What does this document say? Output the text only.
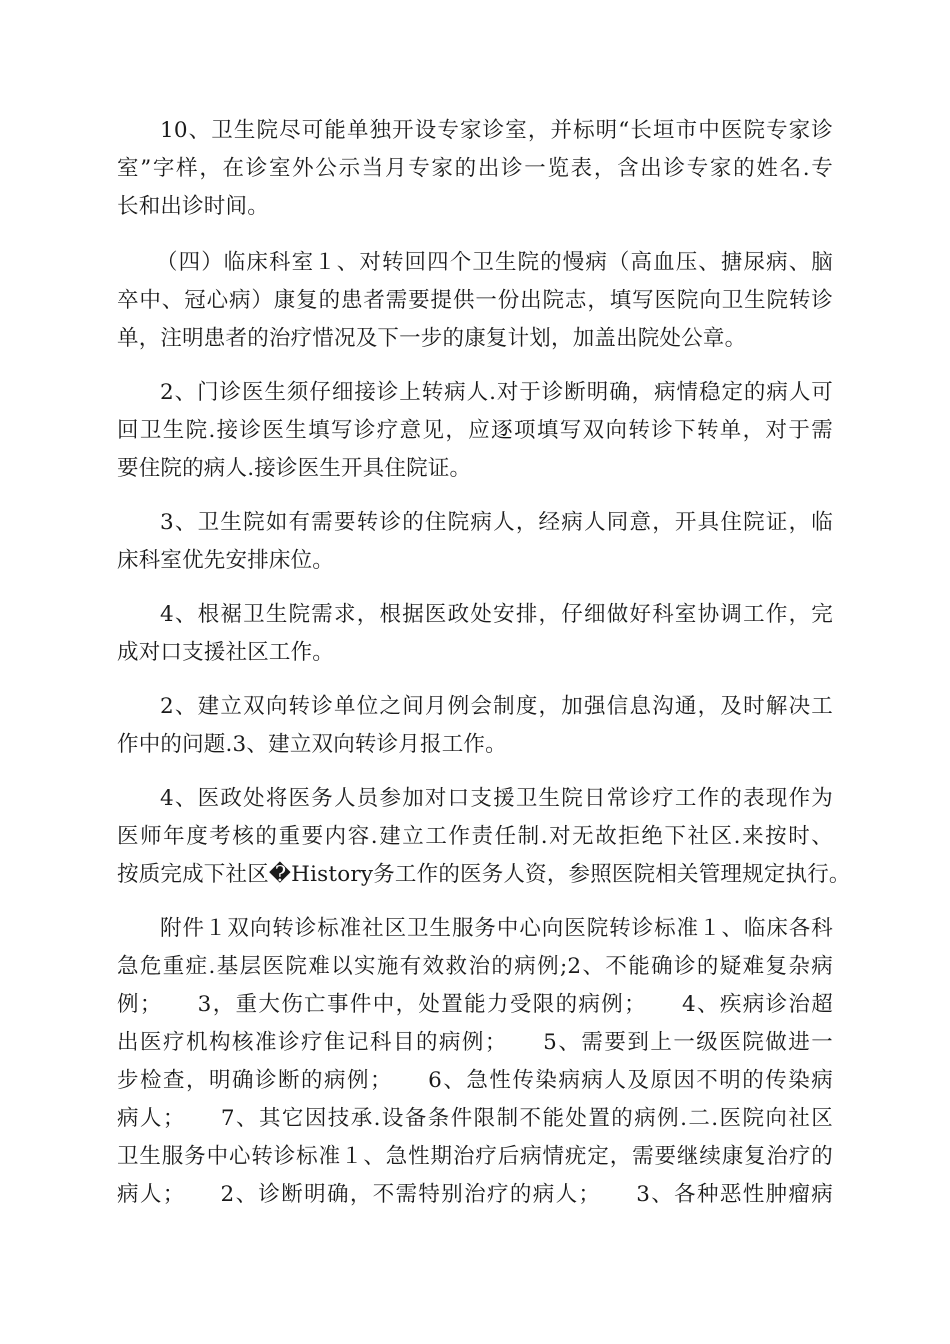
10、卫生院尽可能单独开设专家诊室，并标明“长垣市中医院专家诊
室”字样，在诊室外公示当月专家的出诊一览表，含出诊专家的姓名.专
长和出诊时间。
（四）临床科室１、对转回四个卫生院的慢病（高血压、搪尿病、脑
卒中、冠心病）康复的患者需要提供一份出院志，填写医院向卫生院转诊
单，注明患者的治疗惜况及下一步的康复计划，加盖出院处公章。
2、门诊医生须仔细接诊上转病人.对于诊断明确，病情稳定的病人可
回卫生院.接诊医生填写诊疗意见，应逐项填写双向转诊下转单，对于需
要住院的病人.接诊医生开具住院证。
3、卫生院如有需要转诊的住院病人，经病人同意，开具住院证，临
床科室优先安排床位。
4、根裾卫生院需求，根据医政处安排，仔细做好科室协调工作，完
成对口支援社区工作。
2、建立双向转诊单位之间月例会制度，加强信息沟通，及时解决工
作中的问题.3、建立双向转诊月报工作。
4、医政处将医务人员参加对口支援卫生院日常诊疗工作的表现作为
医师年度考核的重要内容.建立工作责任制.对无故拒绝下社区.来按时、
按质完成下社区�History务工作的医务人资，参照医院相关管理规定执行。
附件１双向转诊标准社区卫生服务中心向医院转诊标准１、临床各科
急危重症.基层医院难以实施有效救治的病例;2、不能确诊的疑难复杂病
例；　　3，重大伤亡事件中，处置能力受限的病例；　　4、疾病诊治超
出医疗机构核准诊疗隹记科目的病例；　　5、需要到上一级医院做进一
步检查，明确诊断的病例；　　6、急性传染病病人及原因不明的传染病
病人；　　7、其它因技承.设备条件限制不能处置的病例.二.医院向社区
卫生服务中心转诊标准１、急性期治疗后病情疣定，需要继续康复治疗的
病人；　　2、诊断明确，不需特别治疗的病人；　　3、各种恶性肿瘤病
